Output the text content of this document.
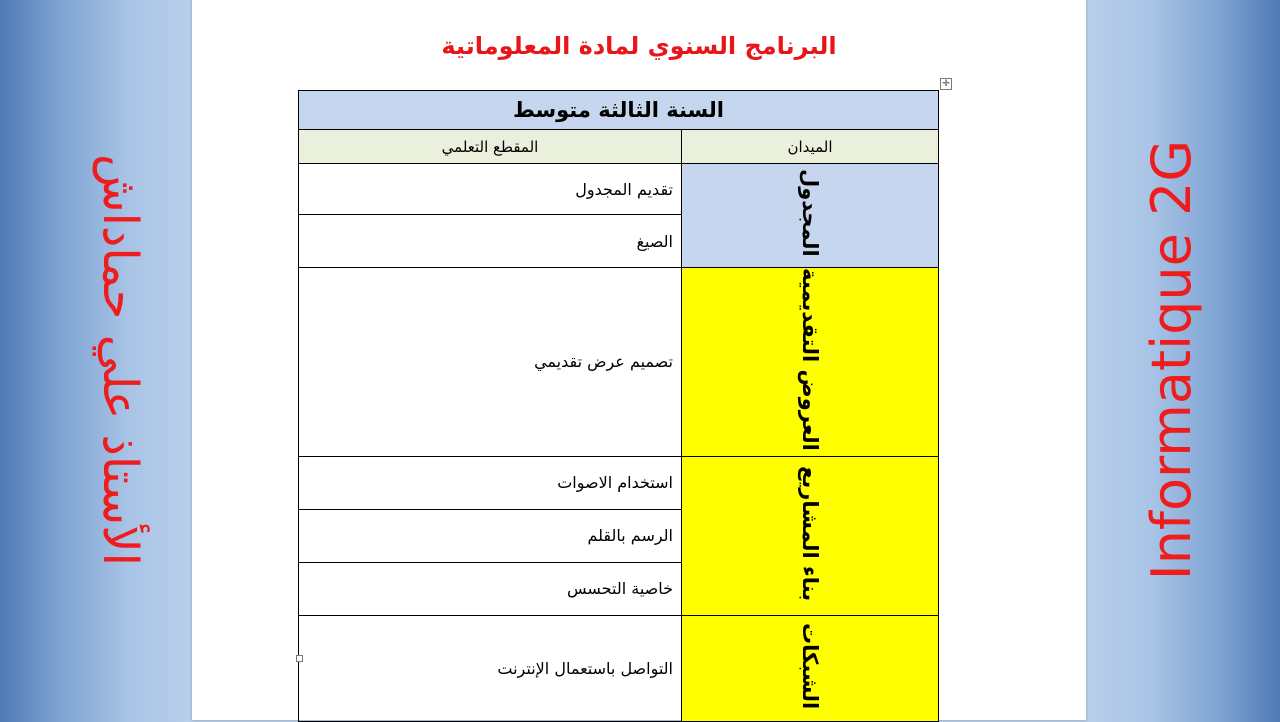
الأستاذ علي حماداش	Informatique 2G
البرنامج السنوي لمادة المعلوماتية
✛
السنة الثالثة متوسط	
الميدان	المقطع التعلمي
المجدول	تقديم المجدول
	الصيغ
العروض التقديمية	تصميم عرض تقديمي
بناء المشاريع	استخدام الاصوات
	الرسم بالقلم
	خاصية التحسس
الشبكات	التواصل باستعمال الإنترنت
